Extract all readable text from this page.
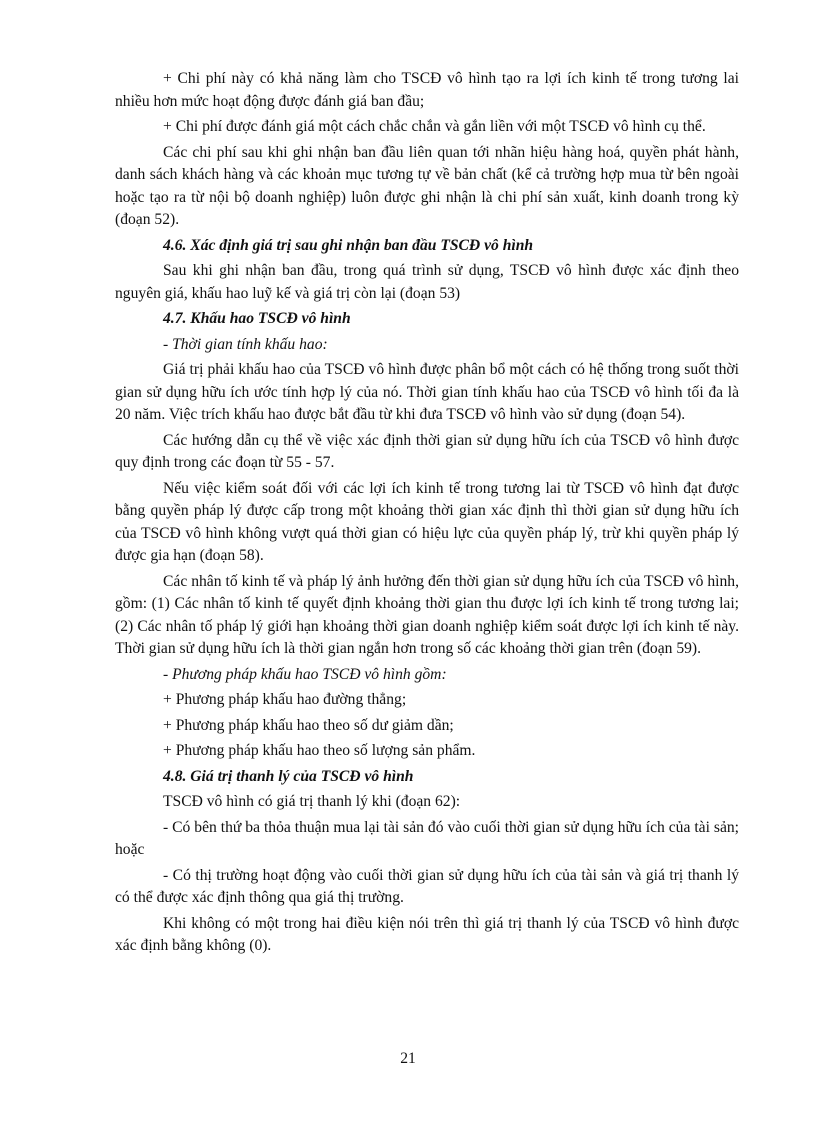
+ Chi phí này có khả năng làm cho TSCĐ vô hình tạo ra lợi ích kinh tế trong tương lai nhiều hơn mức hoạt động được đánh giá ban đầu;

+ Chi phí được đánh giá một cách chắc chắn và gắn liền với một TSCĐ vô hình cụ thể.

Các chi phí sau khi ghi nhận ban đầu liên quan tới nhãn hiệu hàng hoá, quyền phát hành, danh sách khách hàng và các khoản mục tương tự về bản chất (kể cả trường hợp mua từ bên ngoài hoặc tạo ra từ nội bộ doanh nghiệp) luôn được ghi nhận là chi phí sản xuất, kinh doanh trong kỳ (đoạn 52).

4.6. Xác định giá trị sau ghi nhận ban đầu TSCĐ vô hình

Sau khi ghi nhận ban đầu, trong quá trình sử dụng, TSCĐ vô hình được xác định theo nguyên giá, khấu hao luỹ kế và giá trị còn lại (đoạn 53)

4.7. Khấu hao TSCĐ vô hình

- Thời gian tính khấu hao:

Giá trị phải khấu hao của TSCĐ vô hình được phân bổ một cách có hệ thống trong suốt thời gian sử dụng hữu ích ước tính hợp lý của nó. Thời gian tính khấu hao của TSCĐ vô hình tối đa là 20 năm. Việc trích khấu hao được bắt đầu từ khi đưa TSCĐ vô hình vào sử dụng (đoạn 54).

Các hướng dẫn cụ thể về việc xác định thời gian sử dụng hữu ích của TSCĐ vô hình được quy định trong các đoạn từ 55 - 57.

Nếu việc kiểm soát đối với các lợi ích kinh tế trong tương lai từ TSCĐ vô hình đạt được bằng quyền pháp lý được cấp trong một khoảng thời gian xác định thì thời gian sử dụng hữu ích của TSCĐ vô hình không vượt quá thời gian có hiệu lực của quyền pháp lý, trừ khi quyền pháp lý được gia hạn (đoạn 58).

Các nhân tố kinh tế và pháp lý ảnh hưởng đến thời gian sử dụng hữu ích của TSCĐ vô hình, gồm: (1) Các nhân tố kinh tế quyết định khoảng thời gian thu được lợi ích kinh tế trong tương lai; (2) Các nhân tố pháp lý giới hạn khoảng thời gian doanh nghiệp kiểm soát được lợi ích kinh tế này. Thời gian sử dụng hữu ích là thời gian ngắn hơn trong số các khoảng thời gian trên (đoạn 59).

- Phương pháp khấu hao TSCĐ vô hình gồm:

+ Phương pháp khấu hao đường thẳng;

+ Phương pháp khấu hao theo số dư giảm dần;

+ Phương pháp khấu hao theo số lượng sản phẩm.

4.8. Giá trị thanh lý của TSCĐ vô hình

TSCĐ vô hình có giá trị thanh lý khi (đoạn 62):

- Có bên thứ ba thỏa thuận mua lại tài sản đó vào cuối thời gian sử dụng hữu ích của tài sản; hoặc

- Có thị trường hoạt động vào cuối thời gian sử dụng hữu ích của tài sản và giá trị thanh lý có thể được xác định thông qua giá thị trường.

Khi không có một trong hai điều kiện nói trên thì giá trị thanh lý của TSCĐ vô hình được xác định bằng không (0).

21
